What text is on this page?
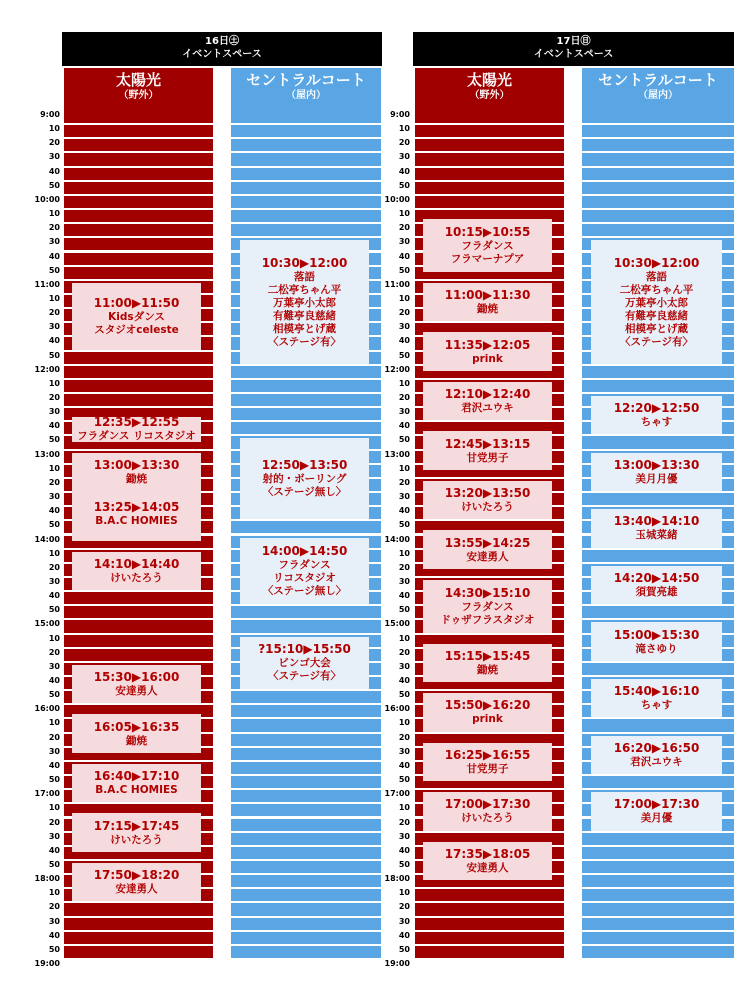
16日㊏
イベントスペース
17日㊐
イベントスペース
太陽光
（野外）
セントラルコート
（屋内）
太陽光
（野外）
セントラルコート
（屋内）
11:00▶11:50
Kidsダンス
スタジオceleste
12:35▶12:55
フラダンス リコスタジオ
13:00▶13:30
鋤焼
13:25▶14:05
B.A.C HOMIES
14:10▶14:40
けいたろう
15:30▶16:00
安達勇人
16:05▶16:35
鋤焼
16:40▶17:10
B.A.C HOMIES
17:15▶17:45
けいたろう
17:50▶18:20
安達勇人
10:30▶12:00
落語
二松亭ちゃん平
万葉亭小太郎
有難亭良慈緒
相模亭とげ蔵
〈ステージ有〉
12:50▶13:50
射的・ボーリング
〈ステージ無し〉
14:00▶14:50
フラダンス
リコスタジオ
〈ステージ無し〉
?15:10▶15:50
ビンゴ大会
〈ステージ有〉
10:15▶10:55
フラダンス
フラマーナプア
11:00▶11:30
鋤焼
11:35▶12:05
prink
12:10▶12:40
君沢ユウキ
12:45▶13:15
甘党男子
13:20▶13:50
けいたろう
13:55▶14:25
安達勇人
14:30▶15:10
フラダンス
ドゥザフラスタジオ
15:15▶15:45
鋤焼
15:50▶16:20
prink
16:25▶16:55
甘党男子
17:00▶17:30
けいたろう
17:35▶18:05
安達勇人
10:30▶12:00
落語
二松亭ちゃん平
万葉亭小太郎
有難亭良慈緒
相模亭とげ蔵
〈ステージ有〉
12:20▶12:50
ちゃす
13:00▶13:30
美月月優
13:40▶14:10
玉城菜緒
14:20▶14:50
須賀亮雄
15:00▶15:30
滝さゆり
15:40▶16:10
ちゃす
16:20▶16:50
君沢ユウキ
17:00▶17:30
美月優
9:00
10
20
30
40
50
10:00
10
20
30
40
50
11:00
10
20
30
40
50
12:00
10
20
30
40
50
13:00
10
20
30
40
50
14:00
10
20
30
40
50
15:00
10
20
30
40
50
16:00
10
20
30
40
50
17:00
10
20
30
40
50
18:00
10
20
30
40
50
19:00
9:00
10
20
30
40
50
10:00
10
20
30
40
50
11:00
10
20
30
40
50
12:00
10
20
30
40
50
13:00
10
20
30
40
50
14:00
10
20
30
40
50
15:00
10
20
30
40
50
16:00
10
20
30
40
50
17:00
10
20
30
40
50
18:00
10
20
30
40
50
19:00
